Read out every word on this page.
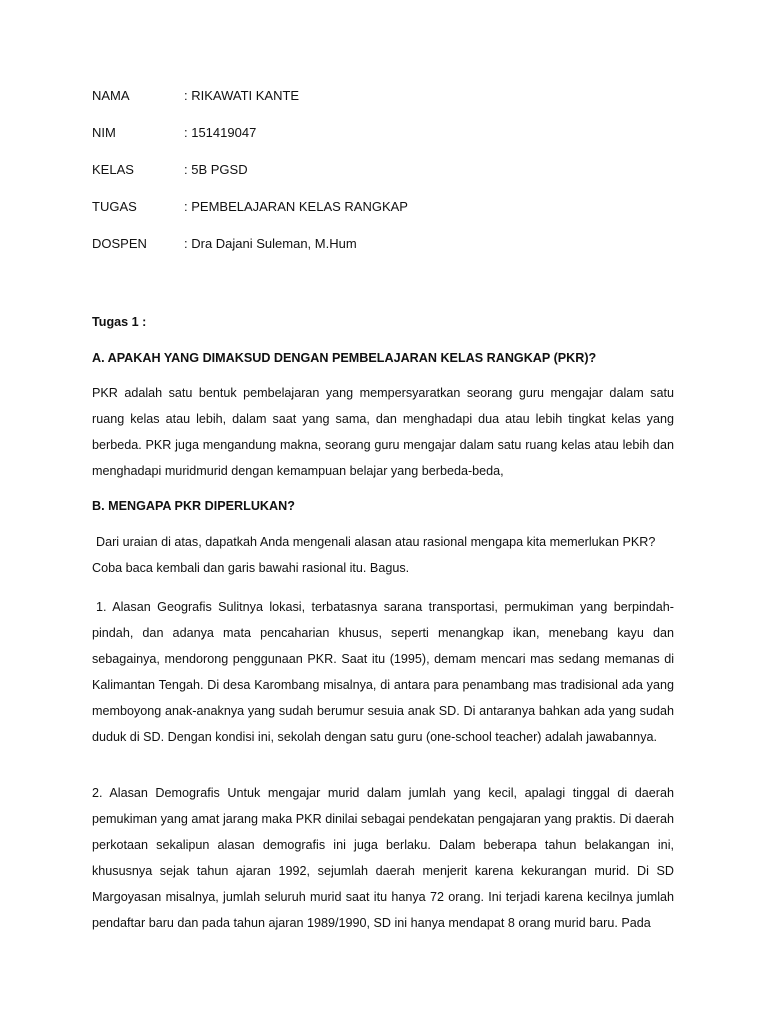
NAMA	: RIKAWATI KANTE
NIM	: 151419047
KELAS	: 5B PGSD
TUGAS	: PEMBELAJARAN KELAS RANGKAP
DOSPEN	: Dra Dajani Suleman, M.Hum

Tugas 1 :

A. APAKAH YANG DIMAKSUD DENGAN PEMBELAJARAN KELAS RANGKAP (PKR)?

PKR adalah satu bentuk pembelajaran yang mempersyaratkan seorang guru mengajar dalam satu ruang kelas atau lebih, dalam saat yang sama, dan menghadapi dua atau lebih tingkat kelas yang berbeda. PKR juga mengandung makna, seorang guru mengajar dalam satu ruang kelas atau lebih dan menghadapi muridmurid dengan kemampuan belajar yang berbeda-beda,

B. MENGAPA PKR DIPERLUKAN?

Dari uraian di atas, dapatkah Anda mengenali alasan atau rasional mengapa kita memerlukan PKR? Coba baca kembali dan garis bawahi rasional itu. Bagus.

1. Alasan Geografis Sulitnya lokasi, terbatasnya sarana transportasi, permukiman yang berpindah-pindah, dan adanya mata pencaharian khusus, seperti menangkap ikan, menebang kayu dan sebagainya, mendorong penggunaan PKR. Saat itu (1995), demam mencari mas sedang memanas di Kalimantan Tengah. Di desa Karombang misalnya, di antara para penambang mas tradisional ada yang memboyong anak-anaknya yang sudah berumur sesuia anak SD. Di antaranya bahkan ada yang sudah duduk di SD. Dengan kondisi ini, sekolah dengan satu guru (one-school teacher) adalah jawabannya.

2. Alasan Demografis Untuk mengajar murid dalam jumlah yang kecil, apalagi tinggal di daerah pemukiman yang amat jarang maka PKR dinilai sebagai pendekatan pengajaran yang praktis. Di daerah perkotaan sekalipun alasan demografis ini juga berlaku. Dalam beberapa tahun belakangan ini, khususnya sejak tahun ajaran 1992, sejumlah daerah menjerit karena kekurangan murid. Di SD Margoyasan misalnya, jumlah seluruh murid saat itu hanya 72 orang. Ini terjadi karena kecilnya jumlah pendaftar baru dan pada tahun ajaran 1989/1990, SD ini hanya mendapat 8 orang murid baru. Pada
